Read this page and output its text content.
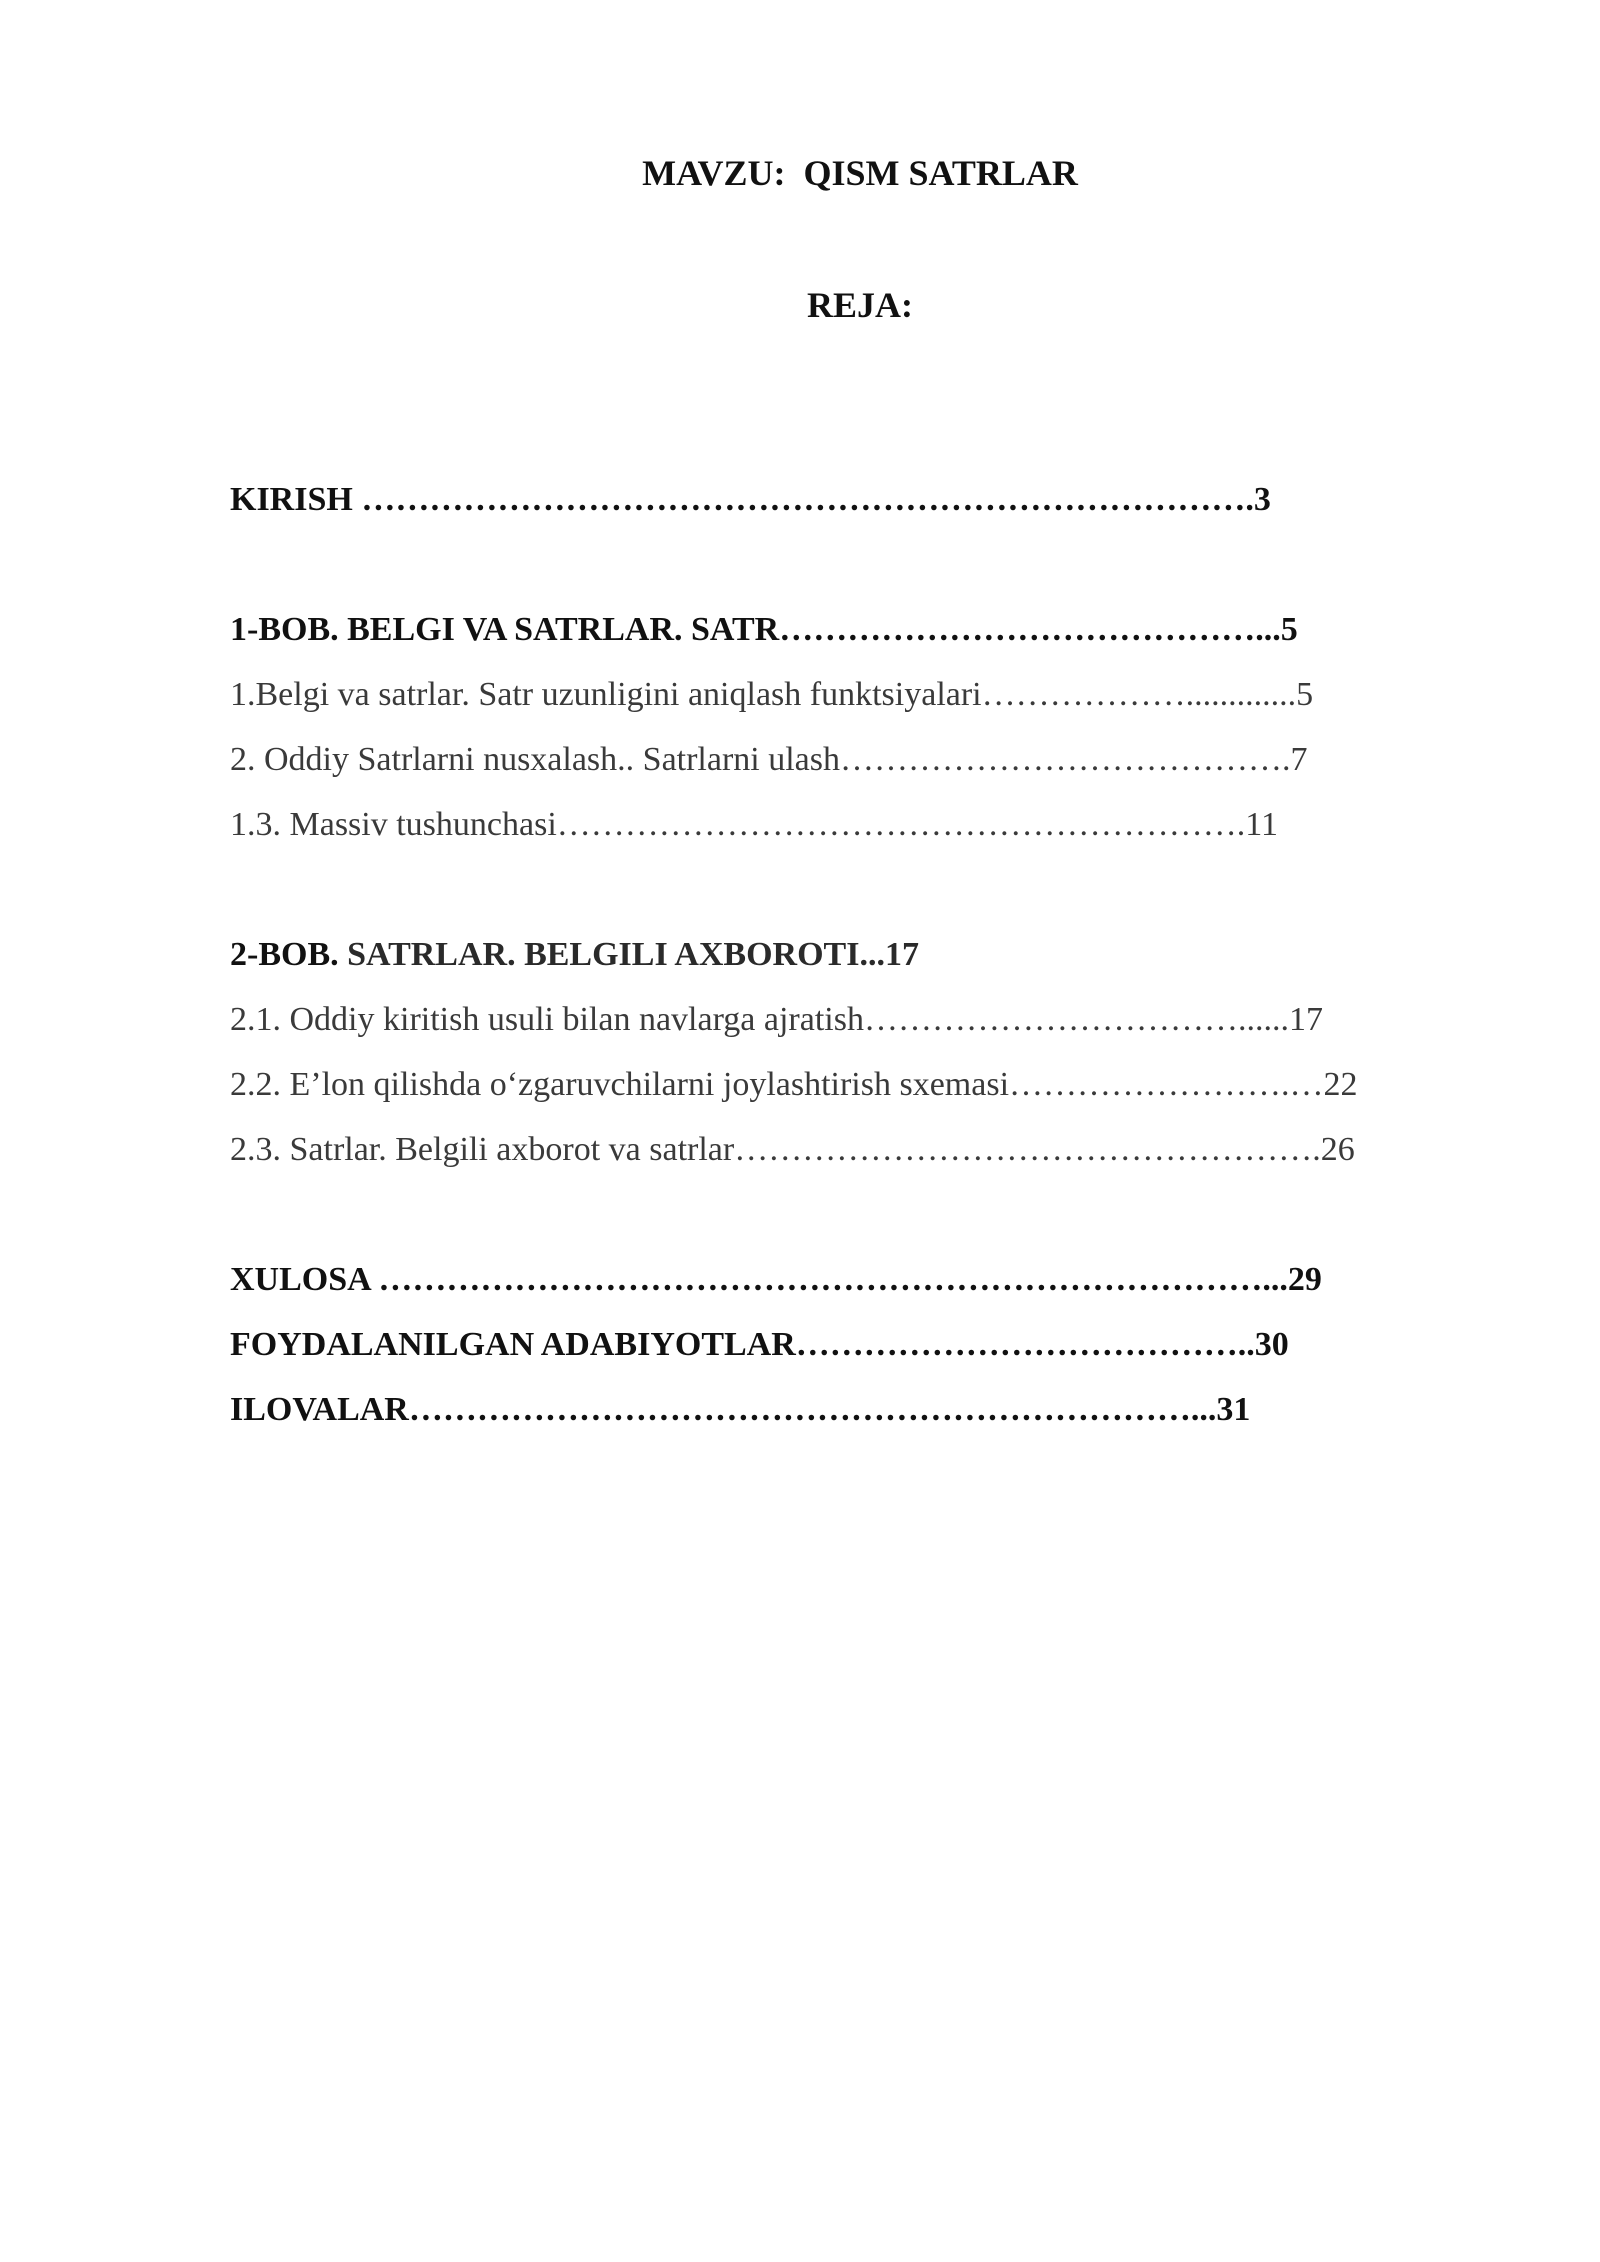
MAVZU:  QISM SATRLAR
REJA:
KIRISH …………………………………………………………………….3
1-BOB. BELGI VA SATRLAR. SATR……………………………………...5
1.Belgi va satrlar. Satr uzunligini aniqlash funktsiyalari……………….............5
2. Oddiy Satrlarni nusxalash.. Satrlarni ulash………………………………….7
1.3. Massiv tushunchasi…………………………………………………….11
2-BOB. SATRLAR. BELGILI AXBOROTI...17
2.1. Oddiy kiritish usuli bilan navlarga ajratish……………………………......17
2.2. E’lon qilishda o‘zgaruvchilarni joylashtirish sxemasi…………………….…22
2.3. Satrlar. Belgili axborot va satrlar…………………………………………….26
XULOSA ……………………………………………………………………...29
FOYDALANILGAN ADABIYOTLAR…………………………………..30
ILOVALAR……………………………………………………………...31
